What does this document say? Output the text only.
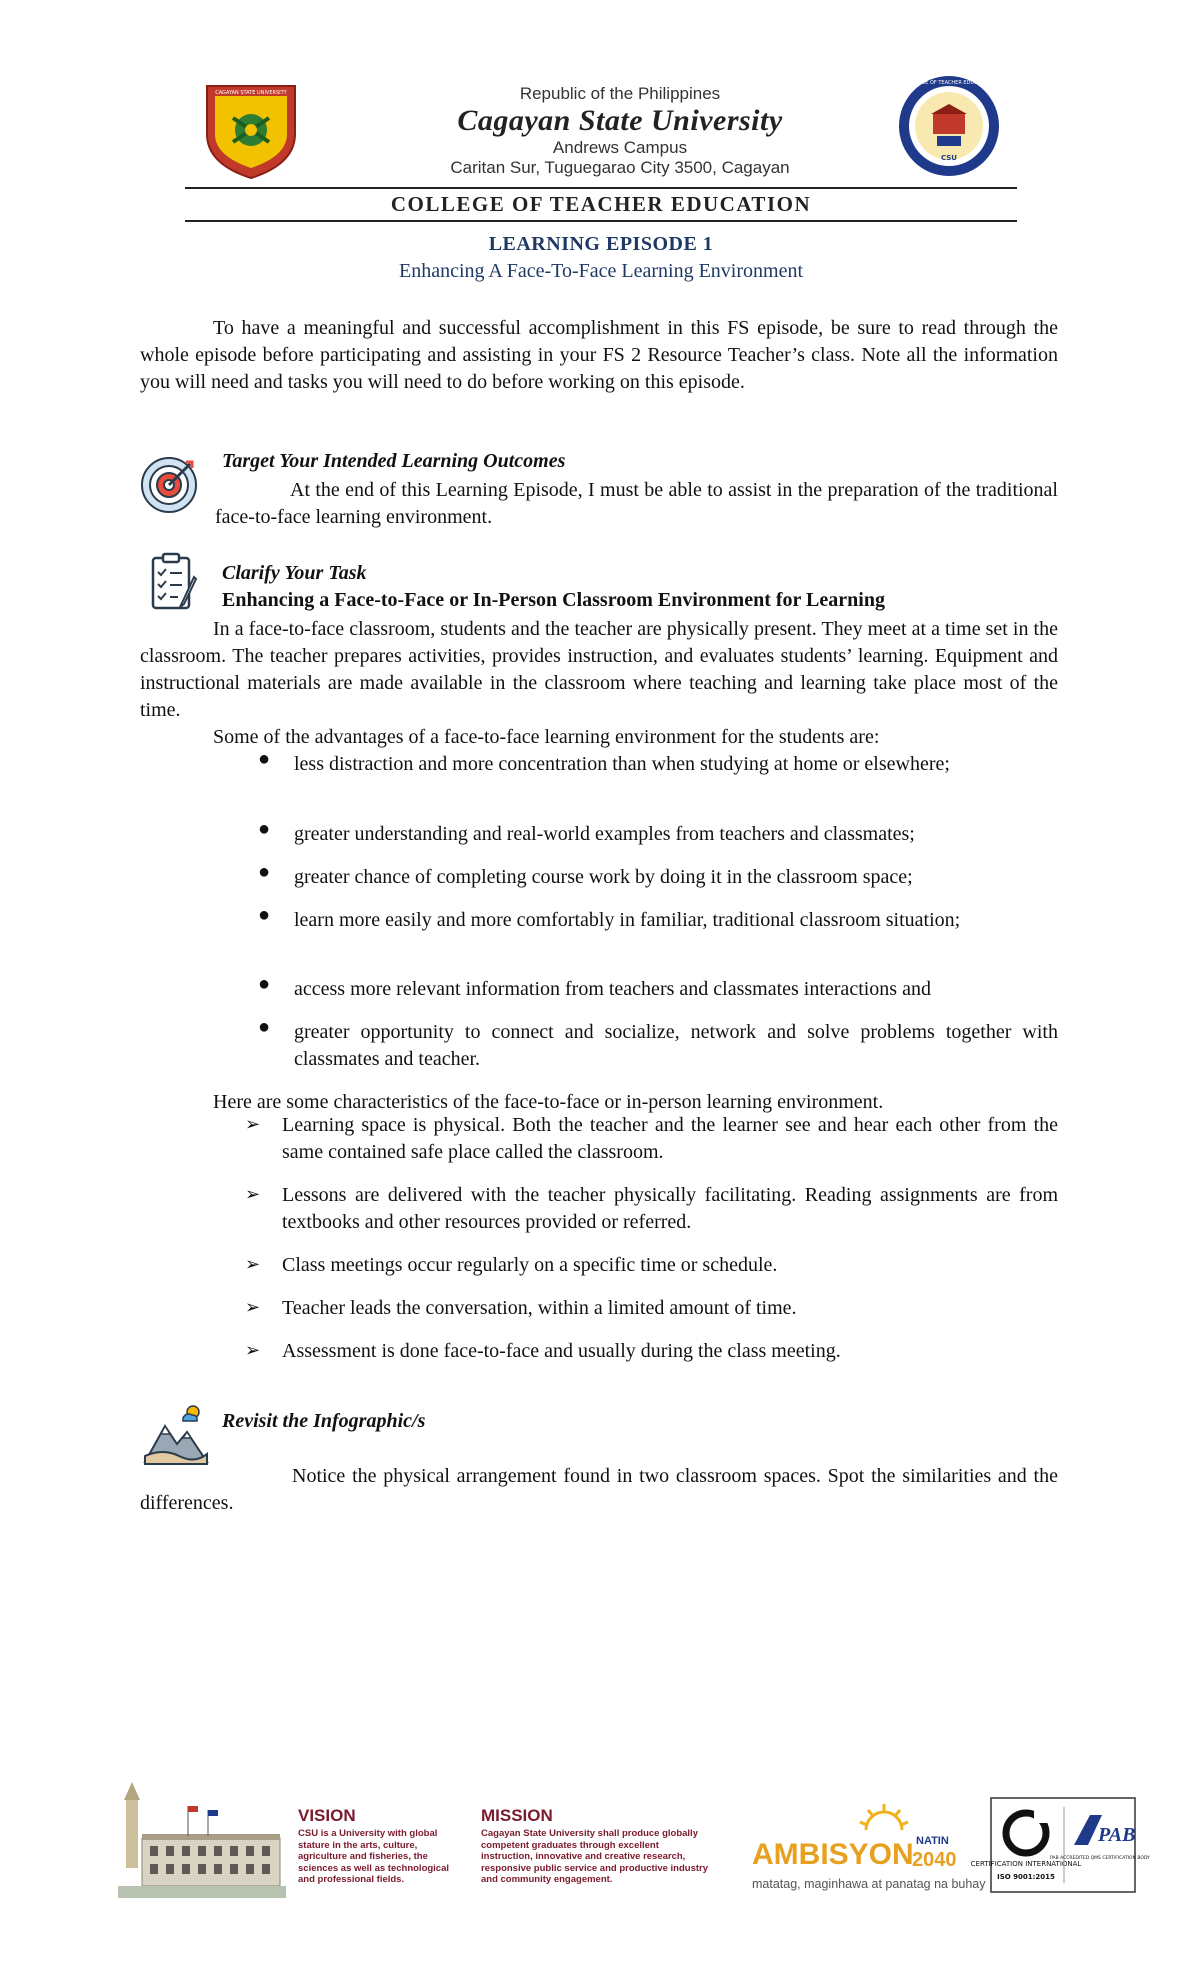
CAGAYAN STATE UNIVERSITY	Republic of the Philippines
Cagayan State University
Andrews Campus
Caritan Sur, Tuguegarao City 3500, Cagayan	CSU
COLLEGE OF TEACHER EDUCATION
COLLEGE OF TEACHER EDUCATION
LEARNING EPISODE 1
Enhancing A Face-To-Face Learning Environment
To have a meaningful and successful accomplishment in this FS episode, be sure to read through the whole episode before participating and assisting in your FS 2 Resource Teacher’s class. Note all the information you will need and tasks you will need to do before working on this episode.
Target Your Intended Learning Outcomes
At the end of this Learning Episode, I must be able to assist in the preparation of the traditional face-to-face learning environment.
Clarify Your Task
Enhancing a Face-to-Face or In-Person Classroom Environment for Learning
In a face-to-face classroom, students and the teacher are physically present. They meet at a time set in the classroom. The teacher prepares activities, provides instruction, and evaluates students’ learning. Equipment and instructional materials are made available in the classroom where teaching and learning take place most of the time.
Some of the advantages of a face-to-face learning environment for the students are:
● less distraction and more concentration than when studying at home or elsewhere;
● greater understanding and real-world examples from teachers and classmates;
● greater chance of completing course work by doing it in the classroom space;
● learn more easily and more comfortably in familiar, traditional classroom situation;
● access more relevant information from teachers and classmates interactions and
● greater opportunity to connect and socialize, network and solve problems together with classmates and teacher.
Here are some characteristics of the face-to-face or in-person learning environment.
➢ Learning space is physical. Both the teacher and the learner see and hear each other from the same contained safe place called the classroom.
➢ Lessons are delivered with the teacher physically facilitating. Reading assignments are from textbooks and other resources provided or referred.
➢ Class meetings occur regularly on a specific time or schedule.
➢ Teacher leads the conversation, within a limited amount of time.
➢ Assessment is done face-to-face and usually during the class meeting.
Revisit the Infographic/s
Notice the physical arrangement found in two classroom spaces. Spot the similarities and the differences.
VISION
CSU is a University with global stature in the arts, culture, agriculture and fisheries, the sciences as well as technological and professional fields.
MISSION
Cagayan State University shall produce globally competent graduates through excellent instruction, innovative and creative research, responsive public service and productive industry and community engagement.
AMBISYON NATIN
2040
matatag, maginhawa at panatag na buhay
CERTIFICATION INTERNATIONAL
ISO 9001:2015
PAB
PAB ACCREDITED QMS CERTIFICATION BODY
